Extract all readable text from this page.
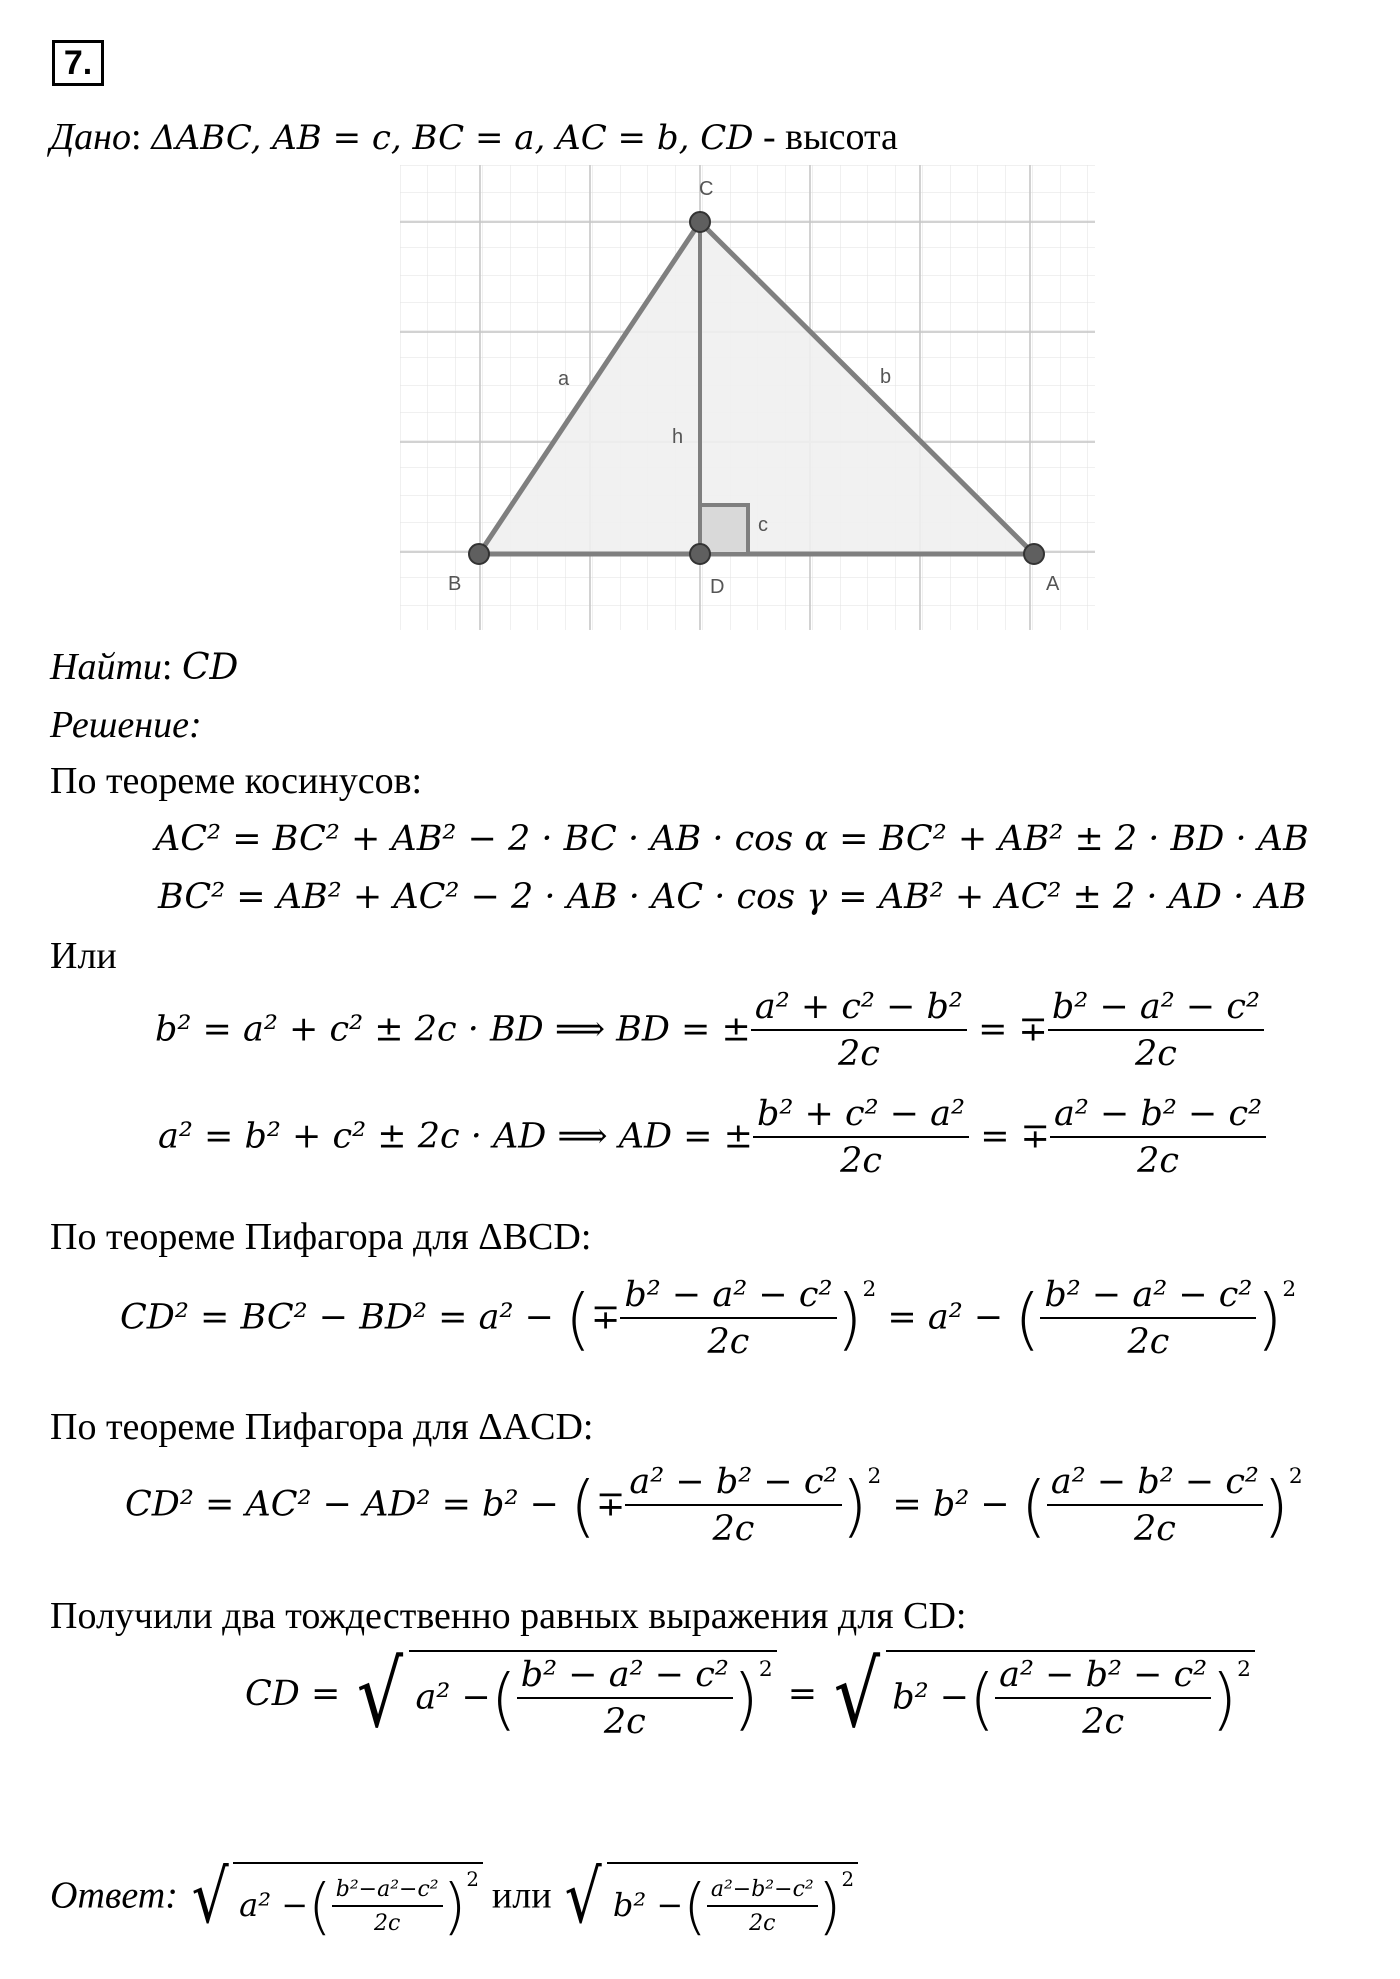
7.
Дано: ΔABC, AB = c, BC = a, AC = b, CD - высота
C
B	D	A
a	b
h
c
Найти: CD
Решение:
По теореме косинусов:
AC² = BC² + AB² − 2 · BC · AB · cos α = BC² + AB² ± 2 · BD · AB
BC² = AB² + AC² − 2 · AB · AC · cos γ = AB² + AC² ± 2 · AD · AB
Или
b² = a² + c² ± 2c · BD ⟹ BD = ± $\frac{\text{a² + c² − b²}}{2c}$ = ∓ $\frac{\text{b² − a² − c²}}{2c}$
a² = b² + c² ± 2c · AD ⟹ AD = ± $\frac{\text{b² + c² − a²}}{2c}$ = ∓ $\frac{\text{a² − b² − c²}}{2c}$
По теореме Пифагора для ΔBCD:
CD² = BC² − BD² = a² − (∓ $\frac{\text{b² − a² − c²}}{2c} )^2 = a^2$ − ( $\frac{\text{b² − a² − c²}}{2c} )^2$
По теореме Пифагора для ΔACD:
CD² = AC² − AD² = b² − (∓ $\frac{\text{a² − b² − c²}}{2c} )^2 = b^2$ − ( $\frac{\text{a² − b² − c²}}{2c} )^2$
Получили два тождественно равных выражения для CD:
CD = √ a² −( $\frac{\text{b² − a² − c²}}{2c} )^2$
= √ b² −( $\frac{\text{a² − b² − c²}}{2c} )^2$
Ответ: √ a² −( $\frac{\text{b²−a²−c²}}{2c} )^2$ или √ b² −( $\frac{\text{a²−b²−c²}}{2c} )^2$
